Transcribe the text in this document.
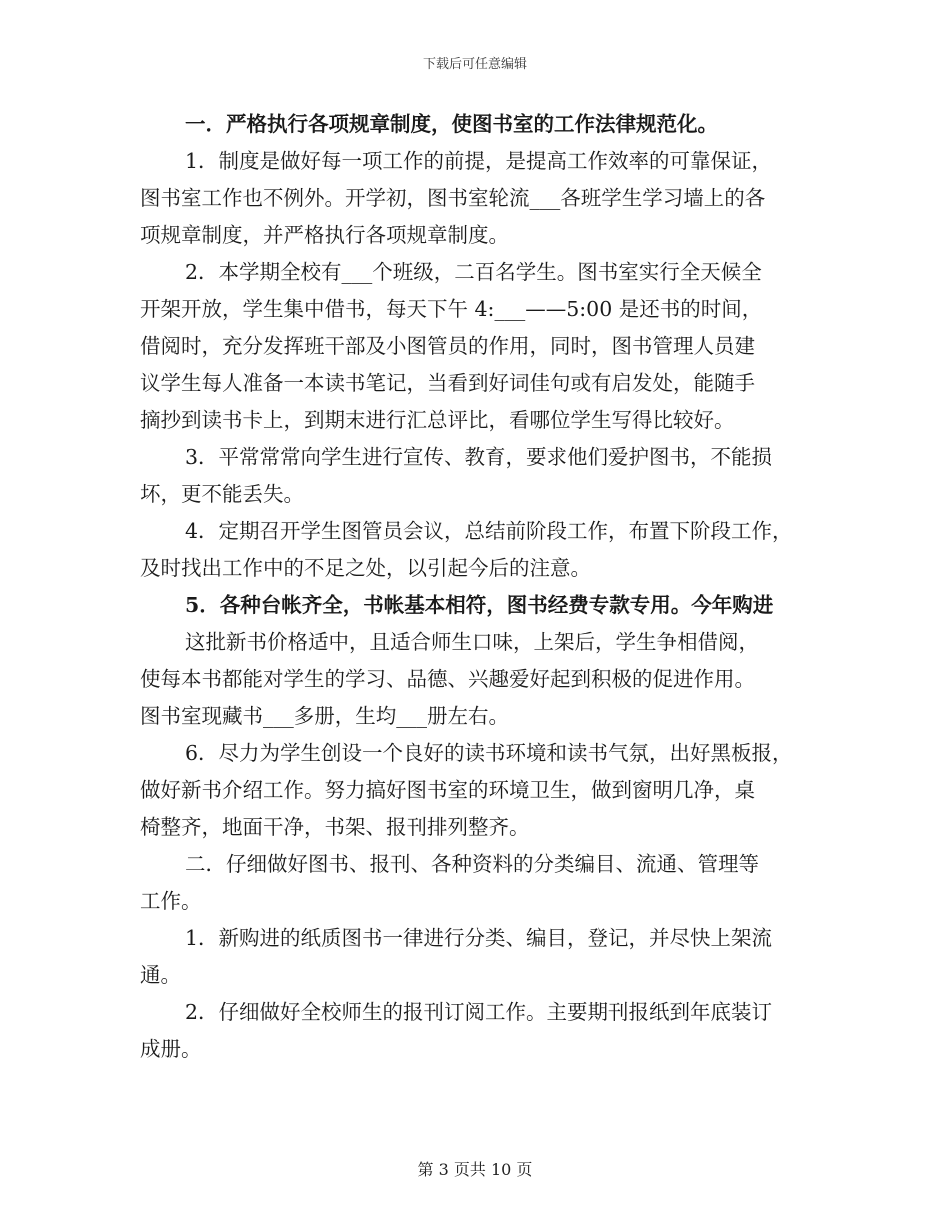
下载后可任意编辑

一．严格执行各项规章制度，使图书室的工作法律规范化。

1．制度是做好每一项工作的前提，是提高工作效率的可靠保证，
图书室工作也不例外。开学初，图书室轮流___各班学生学习墙上的各
项规章制度，并严格执行各项规章制度。

2．本学期全校有___个班级，二百名学生。图书室实行全天候全
开架开放，学生集中借书，每天下午 4:___——5:00 是还书的时间，
借阅时，充分发挥班干部及小图管员的作用，同时，图书管理人员建
议学生每人准备一本读书笔记，当看到好词佳句或有启发处，能随手
摘抄到读书卡上，到期末进行汇总评比，看哪位学生写得比较好。

3．平常常常向学生进行宣传、教育，要求他们爱护图书，不能损
坏，更不能丢失。

4．定期召开学生图管员会议，总结前阶段工作，布置下阶段工作，
及时找出工作中的不足之处，以引起今后的注意。

5．各种台帐齐全，书帐基本相符，图书经费专款专用。今年购进

这批新书价格适中，且适合师生口味，上架后，学生争相借阅，
使每本书都能对学生的学习、品德、兴趣爱好起到积极的促进作用。
图书室现藏书___多册，生均___册左右。

6．尽力为学生创设一个良好的读书环境和读书气氛，出好黑板报，
做好新书介绍工作。努力搞好图书室的环境卫生，做到窗明几净，桌
椅整齐，地面干净，书架、报刊排列整齐。

二．仔细做好图书、报刊、各种资料的分类编目、流通、管理等
工作。

1．新购进的纸质图书一律进行分类、编目，登记，并尽快上架流
通。

2．仔细做好全校师生的报刊订阅工作。主要期刊报纸到年底装订
成册。

第 3 页共 10 页
